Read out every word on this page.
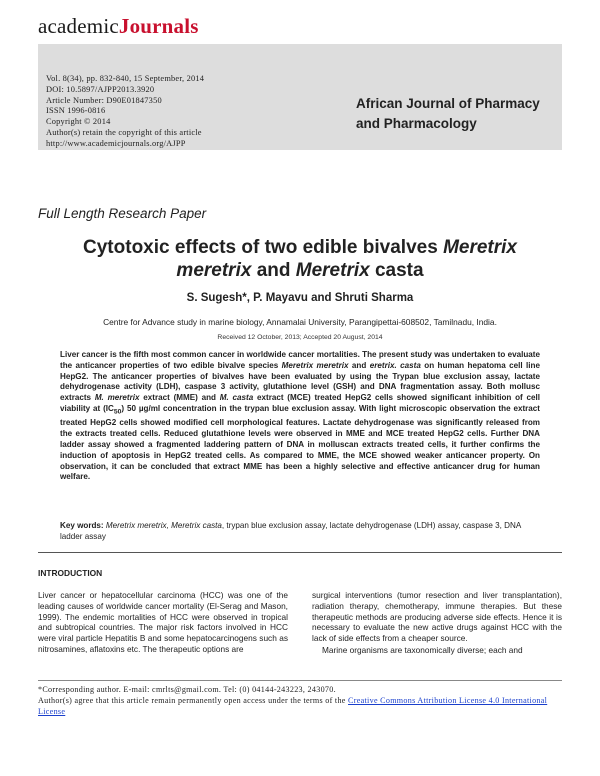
academicJournals
Vol. 8(34), pp. 832-840, 15 September, 2014
DOI: 10.5897/AJPP2013.3920
Article Number: D90E01847350
ISSN 1996-0816
Copyright © 2014
Author(s) retain the copyright of this article
http://www.academicjournals.org/AJPP
African Journal of Pharmacy and Pharmacology
Full Length Research Paper
Cytotoxic effects of two edible bivalves Meretrix meretrix and Meretrix casta
S. Sugesh*, P. Mayavu and Shruti Sharma
Centre for Advance study in marine biology, Annamalai University, Parangipettai-608502, Tamilnadu, India.
Received 12 October, 2013; Accepted 20 August, 2014
Liver cancer is the fifth most common cancer in worldwide cancer mortalities. The present study was undertaken to evaluate the anticancer properties of two edible bivalve species Meretrix meretrix and eretrix. casta on human hepatoma cell line HepG2. The anticancer properties of bivalves have been evaluated by using the Trypan blue exclusion assay, lactate dehydrogenase activity (LDH), caspase 3 activity, glutathione level (GSH) and DNA fragmentation assay. Both mollusc extracts M. meretrix extract (MME) and M. casta extract (MCE) treated HepG2 cells showed significant inhibition of cell viability at $(IC_{50})$ 50 µg/ml concentration in the trypan blue exclusion assay. With light microscopic observation the extract treated HepG2 cells showed modified cell morphological features. Lactate dehydrogenase was significantly released from the extracts treated cells. Reduced glutathione levels were observed in MME and MCE treated HepG2 cells. Further DNA ladder assay showed a fragmented laddering pattern of DNA in molluscan extracts treated cells, it further confirms the induction of apoptosis in HepG2 treated cells. As compared to MME, the MCE showed weaker anticancer property. On observation, it can be concluded that extract MME has been a highly selective and effective anticancer drug for human welfare.
Key words: Meretrix meretrix, Meretrix casta, trypan blue exclusion assay, lactate dehydrogenase (LDH) assay, caspase 3, DNA ladder assay
INTRODUCTION

Liver cancer or hepatocellular carcinoma (HCC) was one of the leading causes of worldwide cancer mortality (El-Serag and Mason, 1999). The endemic mortalities of HCC were observed in tropical and subtropical countries. The major risk factors involved in HCC were viral particle Hepatitis B and some hepatocarcinogens such as nitrosamines, aflatoxins etc. The therapeutic options are

surgical interventions (tumor resection and liver transplantation), radiation therapy, chemotherapy, immune therapies. But these therapeutic methods are producing adverse side effects. Hence it is necessary to evaluate the new active drugs against HCC with the lack of side effects from a cheaper source.

Marine organisms are taxonomically diverse; each and

*Corresponding author. E-mail: cmrlts@gmail.com. Tel: (0) 04144-243223, 243070.
Author(s) agree that this article remain permanently open access under the terms of the Creative Commons Attribution License 4.0 International License
